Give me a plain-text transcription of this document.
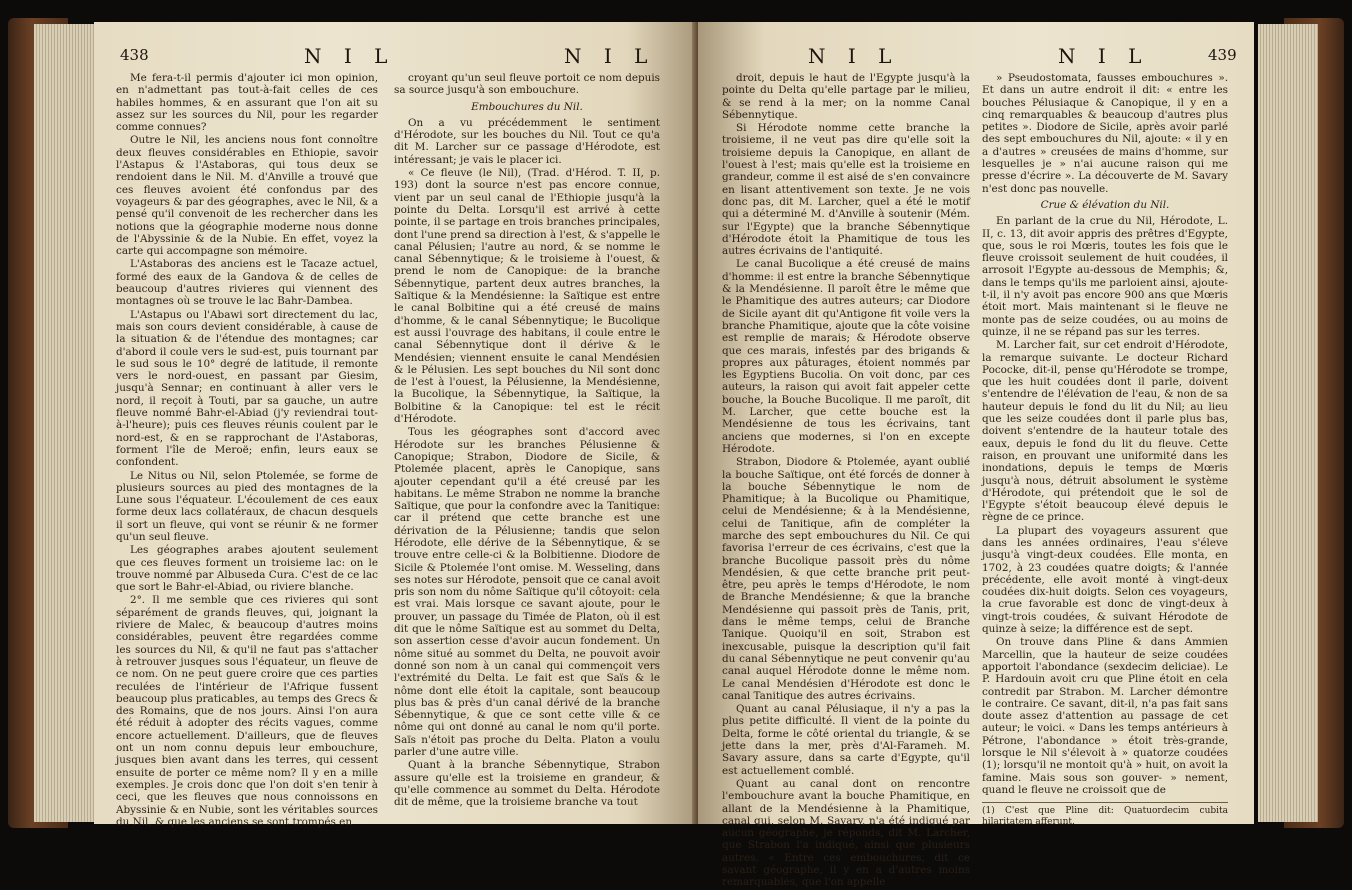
438	N I L	N I L

Me fera-t-il permis d'ajouter ici mon opinion, en n'admettant pas tout-à-fait celles de ces habiles hommes, & en assurant que l'on ait su assez sur les sources du Nil, pour les regarder comme connues?

Outre le Nil, les anciens nous font connoître deux fleuves considérables en Ethiopie, savoir l'Astapus & l'Astaboras, qui tous deux se rendoient dans le Nil. M. d'Anville a trouvé que ces fleuves avoient été confondus par des voyageurs & par des géographes, avec le Nil, & a pensé qu'il convenoit de les rechercher dans les notions que la géographie moderne nous donne de l'Abyssinie & de la Nubie. En effet, voyez la carte qui accompagne son mémoire.

L'Astaboras des anciens est le Tacaze actuel, formé des eaux de la Gandova & de celles de beaucoup d'autres rivieres qui viennent des montagnes où se trouve le lac Bahr-Dambea.

L'Astapus ou l'Abawi sort directement du lac, mais son cours devient considérable, à cause de la situation & de l'étendue des montagnes; car d'abord il coule vers le sud-est, puis tournant par le sud sous le 10° degré de latitude, il remonte vers le nord-ouest, en passant par Giesim, jusqu'à Sennar; en continuant à aller vers le nord, il reçoit à Touti, par sa gauche, un autre fleuve nommé Bahr-el-Abiad (j'y reviendrai tout-à-l'heure); puis ces fleuves réunis coulent par le nord-est, & en se rapprochant de l'Astaboras, forment l'île de Meroë; enfin, leurs eaux se confondent.

Le Nitus ou Nil, selon Ptolemée, se forme de plusieurs sources au pied des montagnes de la Lune sous l'équateur. L'écoulement de ces eaux forme deux lacs collatéraux, de chacun desquels il sort un fleuve, qui vont se réunir & ne former qu'un seul fleuve.

Les géographes arabes ajoutent seulement que ces fleuves forment un troisieme lac: on le trouve nommé par Albuseda Cura. C'est de ce lac que sort le Bahr-el-Abiad, ou riviere blanche.

2°. Il me semble que ces rivieres qui sont séparément de grands fleuves, qui, joignant la riviere de Malec, & beaucoup d'autres moins considérables, peuvent être regardées comme les sources du Nil, & qu'il ne faut pas s'attacher à retrouver jusques sous l'équateur, un fleuve de ce nom. On ne peut guere croire que ces parties reculées de l'intérieur de l'Afrique fussent beaucoup plus praticables, au temps des Grecs & des Romains, que de nos jours. Ainsi l'on aura été réduit à adopter des récits vagues, comme encore actuellement. D'ailleurs, que de fleuves ont un nom connu depuis leur embouchure, jusques bien avant dans les terres, qui cessent ensuite de porter ce même nom? Il y en a mille exemples. Je crois donc que l'on doit s'en tenir à ceci, que les fleuves que nous connoissons en Abyssinie & en Nubie, sont les véritables sources du Nil, & que les anciens se sont trompés en

croyant qu'un seul fleuve portoit ce nom depuis sa source jusqu'à son embouchure.

Embouchures du Nil.

On a vu précédemment le sentiment d'Hérodote, sur les bouches du Nil. Tout ce qu'a dit M. Larcher sur ce passage d'Hérodote, est intéressant; je vais le placer ici.

« Ce fleuve (le Nil), (Trad. d'Hérod. T. II, p. 193) dont la source n'est pas encore connue, vient par un seul canal de l'Ethiopie jusqu'à la pointe du Delta. Lorsqu'il est arrivé à cette pointe, il se partage en trois branches principales, dont l'une prend sa direction à l'est, & s'appelle le canal Pélusien; l'autre au nord, & se nomme le canal Sébennytique; & le troisieme à l'ouest, & prend le nom de Canopique: de la branche Sébennytique, partent deux autres branches, la Saïtique & la Mendésienne: la Saïtique est entre le canal Bolbitine qui a été creusé de mains d'homme, & le canal Sébennytique; le Bucolique est aussi l'ouvrage des habitans, il coule entre le canal Sébennytique dont il dérive & le Mendésien; viennent ensuite le canal Mendésien & le Pélusien. Les sept bouches du Nil sont donc de l'est à l'ouest, la Pélusienne, la Mendésienne, la Bucolique, la Sébennytique, la Saïtique, la Bolbitine & la Canopique: tel est le récit d'Hérodote.

Tous les géographes sont d'accord avec Hérodote sur les branches Pélusienne & Canopique; Strabon, Diodore de Sicile, & Ptolemée placent, après le Canopique, sans ajouter cependant qu'il a été creusé par les habitans. Le même Strabon ne nomme la branche Saïtique, que pour la confondre avec la Tanitique: car il prétend que cette branche est une dérivation de la Pélusienne; tandis que selon Hérodote, elle dérive de la Sébennytique, & se trouve entre celle-ci & la Bolbitienne. Diodore de Sicile & Ptolemée l'ont omise. M. Wesseling, dans ses notes sur Hérodote, pensoit que ce canal avoit pris son nom du nôme Saïtique qu'il côtoyoit: cela est vrai. Mais lorsque ce savant ajoute, pour le prouver, un passage du Timée de Platon, où il est dit que le nôme Saïtique est au sommet du Delta, son assertion cesse d'avoir aucun fondement. Un nôme situé au sommet du Delta, ne pouvoit avoir donné son nom à un canal qui commençoit vers l'extrémité du Delta. Le fait est que Saïs & le nôme dont elle étoit la capitale, sont beaucoup plus bas & près d'un canal dérivé de la branche Sébennytique, & que ce sont cette ville & ce nôme qui ont donné au canal le nom qu'il porte. Saïs n'étoit pas proche du Delta. Platon a voulu parler d'une autre ville.

Quant à la branche Sébennytique, Strabon assure qu'elle est la troisieme en grandeur, & qu'elle commence au sommet du Delta. Hérodote dit de même, que la troisieme branche va tout

N I L	N I L	439

droit, depuis le haut de l'Egypte jusqu'à la pointe du Delta qu'elle partage par le milieu, & se rend à la mer; on la nomme Canal Sébennytique.

Si Hérodote nomme cette branche la troisieme, il ne veut pas dire qu'elle soit la troisieme depuis la Canopique, en allant de l'ouest à l'est; mais qu'elle est la troisieme en grandeur, comme il est aisé de s'en convaincre en lisant attentivement son texte. Je ne vois donc pas, dit M. Larcher, quel a été le motif qui a déterminé M. d'Anville à soutenir (Mém. sur l'Egypte) que la branche Sébennytique d'Hérodote étoit la Phamitique de tous les autres écrivains de l'antiquité.

Le canal Bucolique a été creusé de mains d'homme: il est entre la branche Sébennytique & la Mendésienne. Il paroît être le même que le Phamitique des autres auteurs; car Diodore de Sicile ayant dit qu'Antigone fit voile vers la branche Phamitique, ajoute que la côte voisine est remplie de marais; & Hérodote observe que ces marais, infestés par des brigands & propres aux pâturages, étoient nommés par les Egyptiens Bucolia. On voit donc, par ces auteurs, la raison qui avoit fait appeler cette bouche, la Bouche Bucolique. Il me paroît, dit M. Larcher, que cette bouche est la Mendésienne de tous les écrivains, tant anciens que modernes, si l'on en excepte Hérodote.

Strabon, Diodore & Ptolemée, ayant oublié la bouche Saïtique, ont été forcés de donner à la bouche Sébennytique le nom de Phamitique; à la Bucolique ou Phamitique, celui de Mendésienne; & à la Mendésienne, celui de Tanitique, afin de compléter la marche des sept embouchures du Nil. Ce qui favorisa l'erreur de ces écrivains, c'est que la branche Bucolique passoit près du nôme Mendésien, & que cette branche prit peut-être, peu après le temps d'Hérodote, le nom de Branche Mendésienne; & que la branche Mendésienne qui passoit près de Tanis, prit, dans le même temps, celui de Branche Tanique. Quoiqu'il en soit, Strabon est inexcusable, puisque la description qu'il fait du canal Sébennytique ne peut convenir qu'au canal auquel Hérodote donne le même nom. Le canal Mendésien d'Hérodote est donc le canal Tanitique des autres écrivains.

Quant au canal Pélusiaque, il n'y a pas la plus petite difficulté. Il vient de la pointe du Delta, forme le côté oriental du triangle, & se jette dans la mer, près d'Al-Farameh. M. Savary assure, dans sa carte d'Egypte, qu'il est actuellement comblé.

Quant au canal dont on rencontre l'embouchure avant la bouche Phamitique, en allant de la Mendésienne à la Phamitique, canal qui, selon M. Savary, n'a été indiqué par aucun géographe, je réponds, dit M. Larcher, que Strabon l'a indiqué, ainsi que plusieurs autres. « Entre ces embouchures, dit ce savant géographe, il y en a d'autres moins remarquables, que l'on appelle

» Pseudostomata, fausses embouchures ». Et dans un autre endroit il dit: « entre les bouches Pélusiaque & Canopique, il y en a cinq remarquables & beaucoup d'autres plus petites ». Diodore de Sicile, après avoir parlé des sept embouchures du Nil, ajoute: « il y en a d'autres » creusées de mains d'homme, sur lesquelles je » n'ai aucune raison qui me presse d'écrire ». La découverte de M. Savary n'est donc pas nouvelle.

Crue & élévation du Nil.

En parlant de la crue du Nil, Hérodote, L. II, c. 13, dit avoir appris des prêtres d'Egypte, que, sous le roi Mœris, toutes les fois que le fleuve croissoit seulement de huit coudées, il arrosoit l'Egypte au-dessous de Memphis; &, dans le temps qu'ils me parloient ainsi, ajoute-t-il, il n'y avoit pas encore 900 ans que Mœris étoit mort. Mais maintenant si le fleuve ne monte pas de seize coudées, ou au moins de quinze, il ne se répand pas sur les terres.

M. Larcher fait, sur cet endroit d'Hérodote, la remarque suivante. Le docteur Richard Pococke, dit-il, pense qu'Hérodote se trompe, que les huit coudées dont il parle, doivent s'entendre de l'élévation de l'eau, & non de sa hauteur depuis le fond du lit du Nil; au lieu que les seize coudées dont il parle plus bas, doivent s'entendre de la hauteur totale des eaux, depuis le fond du lit du fleuve. Cette raison, en prouvant une uniformité dans les inondations, depuis le temps de Mœris jusqu'à nous, détruit absolument le système d'Hérodote, qui prétendoit que le sol de l'Egypte s'étoit beaucoup élevé depuis le règne de ce prince.

La plupart des voyageurs assurent que dans les années ordinaires, l'eau s'éleve jusqu'à vingt-deux coudées. Elle monta, en 1702, à 23 coudées quatre doigts; & l'année précédente, elle avoit monté à vingt-deux coudées dix-huit doigts. Selon ces voyageurs, la crue favorable est donc de vingt-deux à vingt-trois coudées, & suivant Hérodote de quinze à seize; la différence est de sept.

On trouve dans Pline & dans Ammien Marcellin, que la hauteur de seize coudées apportoit l'abondance (sexdecim deliciae). Le P. Hardouin avoit cru que Pline étoit en cela contredit par Strabon. M. Larcher démontre le contraire. Ce savant, dit-il, n'a pas fait sans doute assez d'attention au passage de cet auteur; le voici. « Dans les temps antérieurs à Pétrone, l'abondance » étoit très-grande, lorsque le Nil s'élevoit à » quatorze coudées (1); lorsqu'il ne montoit qu'à » huit, on avoit la famine. Mais sous son gouver- » nement, quand le fleuve ne croissoit que de

(1) C'est que Pline dit: Quatuordecim cubita hilaritatem afferunt.
